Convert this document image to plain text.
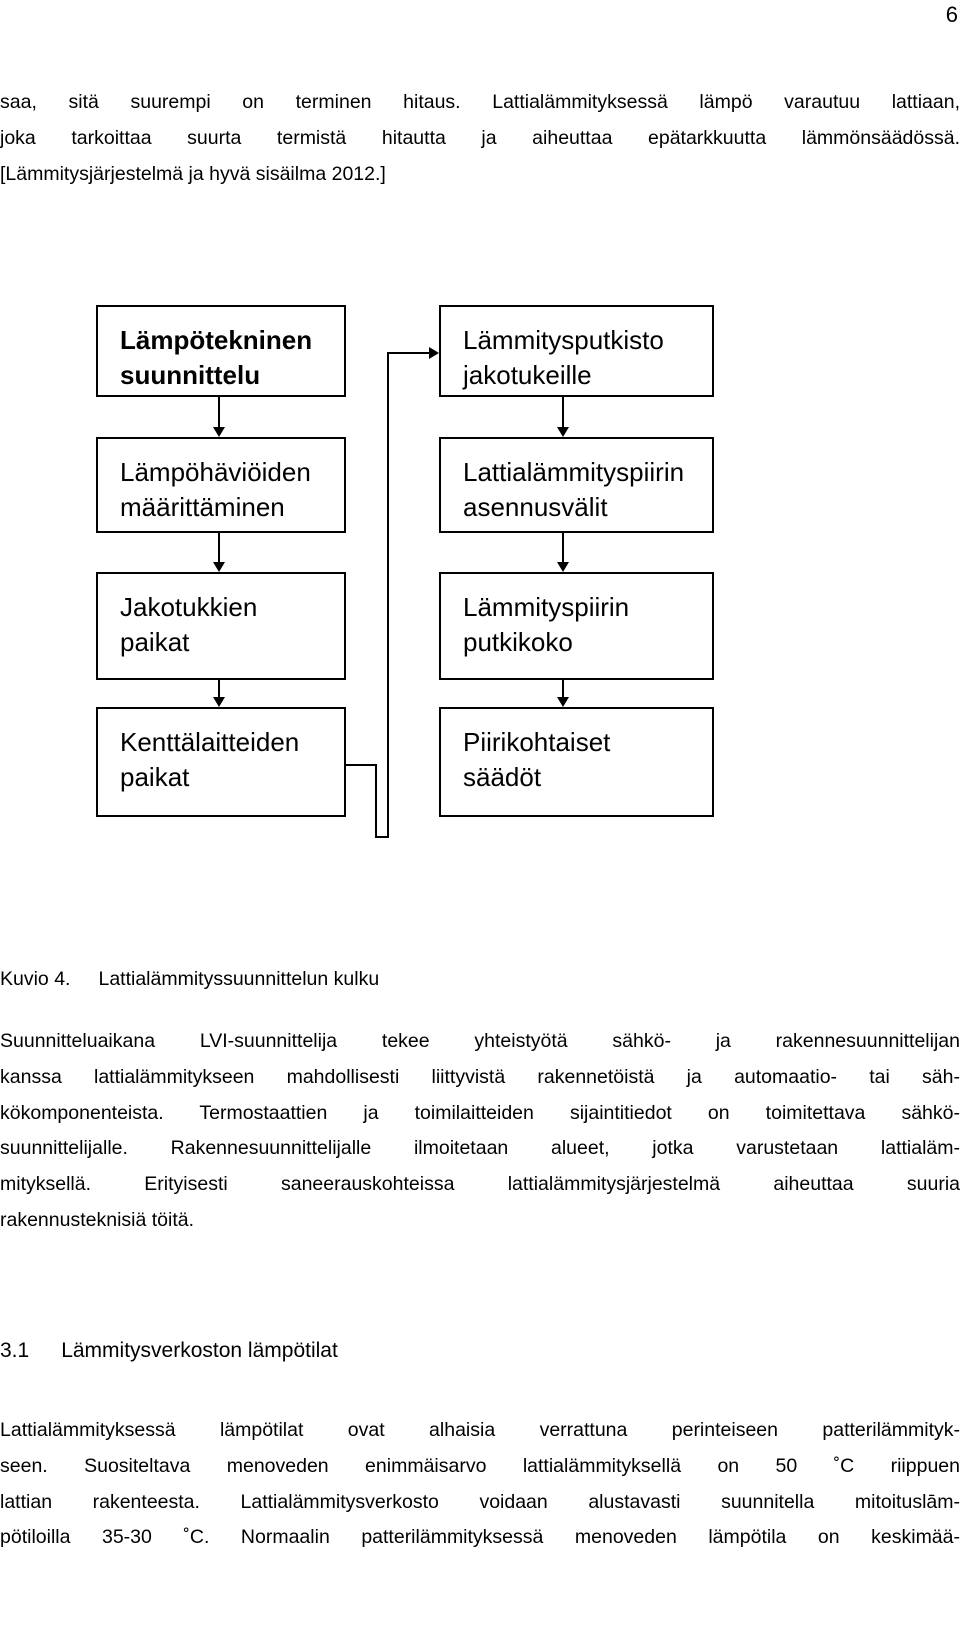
6
saa, sitä suurempi on terminen hitaus. Lattialämmityksessä lämpö varautuu lattiaan,
joka tarkoittaa suurta termistä hitautta ja aiheuttaa epätarkkuutta lämmönsäädössä.
[Lämmitysjärjestelmä ja hyvä sisäilma 2012.]
Lämpötekninen
suunnittelu
Lämpöhäviöiden
määrittäminen
Jakotukkien
paikat
Kenttälaitteiden
paikat
Lämmitysputkisto
jakotukeille
Lattialämmityspiirin
asennusvälit
Lämmityspiirin
putkikoko
Piirikohtaiset
säädöt
Kuvio 4. Lattialämmityssuunnittelun kulku
Suunnitteluaikana LVI-suunnittelija tekee yhteistyötä sähkö- ja rakennesuunnittelijan
kanssa lattialämmitykseen mahdollisesti liittyvistä rakennetöistä ja automaatio- tai säh-
kökomponenteista. Termostaattien ja toimilaitteiden sijaintitiedot on toimitettava sähkö-
suunnittelijalle. Rakennesuunnittelijalle ilmoitetaan alueet, jotka varustetaan lattialäm-
mityksellä. Erityisesti saneerauskohteissa lattialämmitysjärjestelmä aiheuttaa suuria
rakennusteknisiä töitä.
3.1 Lämmitysverkoston lämpötilat
Lattialämmityksessä lämpötilat ovat alhaisia verrattuna perinteiseen patterilämmityk-
seen. Suositeltava menoveden enimmäisarvo lattialämmityksellä on 50 ˚C riippuen
lattian rakenteesta. Lattialämmitysverkosto voidaan alustavasti suunnitella mitoituslām-
pötiloilla 35-30 ˚C. Normaalin patterilämmityksessä menoveden lämpötila on keskimää-
